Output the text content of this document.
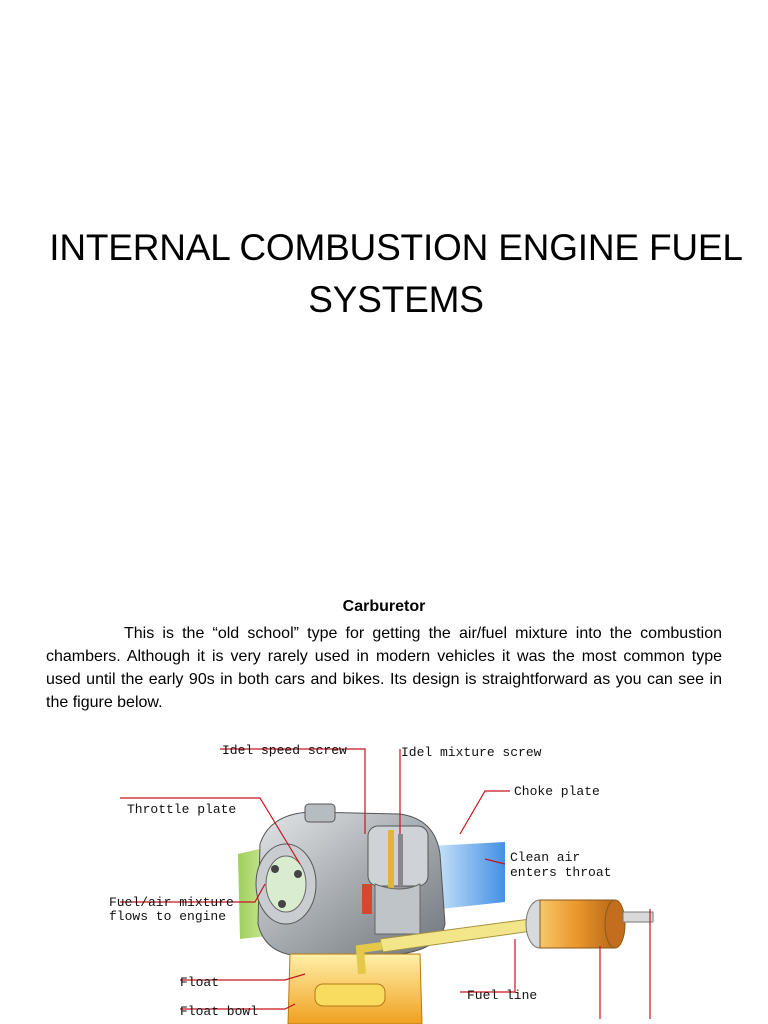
INTERNAL COMBUSTION ENGINE FUEL SYSTEMS
Carburetor
This is the “old school” type for getting the air/fuel mixture into the combustion chambers. Although it is very rarely used in modern vehicles it was the most common type used until the early 90s in both cars and bikes. Its design is straightforward as you can see in the figure below.
Idel speed screw	Idel mixture screw
Choke plate
Throttle plate
Clean air
enters throat
Fuel/air mixture
flows to engine
Float
Float bowl
Fuel line
